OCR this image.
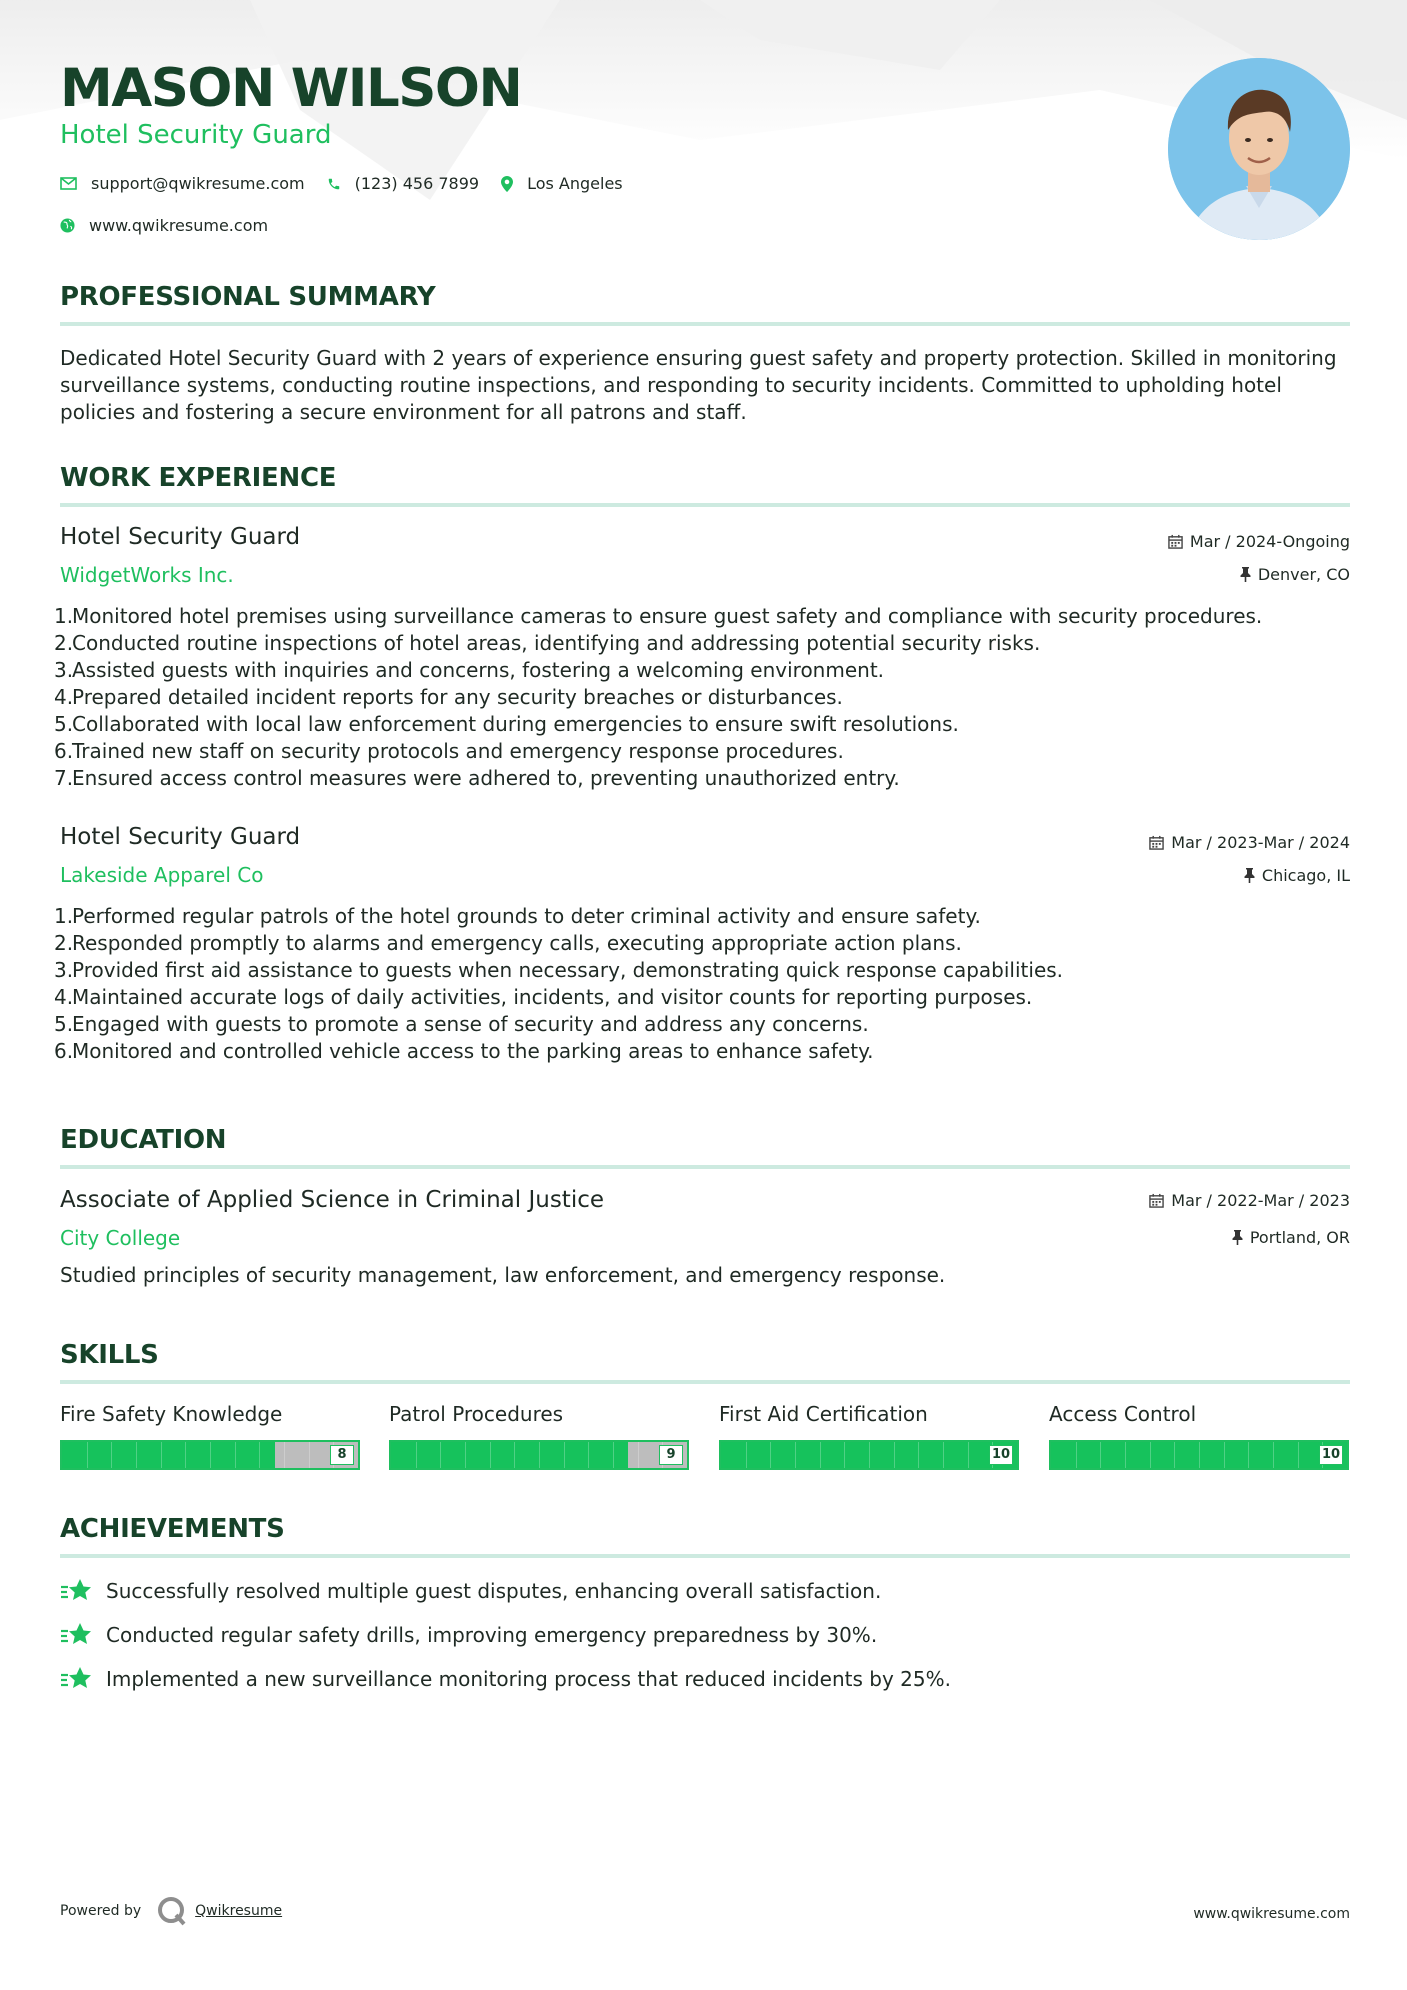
MASON WILSON
Hotel Security Guard
support@qwikresume.com	(123) 456 7899	Los Angeles
www.qwikresume.com
PROFESSIONAL SUMMARY
Dedicated Hotel Security Guard with 2 years of experience ensuring guest safety and property protection. Skilled in monitoring surveillance systems, conducting routine inspections, and responding to security incidents. Committed to upholding hotel policies and fostering a secure environment for all patrons and staff.
WORK EXPERIENCE
Hotel Security Guard	Mar / 2024-Ongoing
WidgetWorks Inc.	Denver, CO
1.
Monitored hotel premises using surveillance cameras to ensure guest safety and compliance with security procedures.
2.
Conducted routine inspections of hotel areas, identifying and addressing potential security risks.
3.
Assisted guests with inquiries and concerns, fostering a welcoming environment.
4.
Prepared detailed incident reports for any security breaches or disturbances.
5.
Collaborated with local law enforcement during emergencies to ensure swift resolutions.
6.
Trained new staff on security protocols and emergency response procedures.
7.
Ensured access control measures were adhered to, preventing unauthorized entry.
Hotel Security Guard	Mar / 2023-Mar / 2024
Lakeside Apparel Co	Chicago, IL
1.
Performed regular patrols of the hotel grounds to deter criminal activity and ensure safety.
2.
Responded promptly to alarms and emergency calls, executing appropriate action plans.
3.
Provided first aid assistance to guests when necessary, demonstrating quick response capabilities.
4.
Maintained accurate logs of daily activities, incidents, and visitor counts for reporting purposes.
5.
Engaged with guests to promote a sense of security and address any concerns.
6.
Monitored and controlled vehicle access to the parking areas to enhance safety.
EDUCATION
Associate of Applied Science in Criminal Justice	Mar / 2022-Mar / 2023
City College	Portland, OR
Studied principles of security management, law enforcement, and emergency response.
SKILLS
Fire Safety Knowledge
8
Patrol Procedures
9
First Aid Certification
10
Access Control
10
ACHIEVEMENTS
Successfully resolved multiple guest disputes, enhancing overall satisfaction.
Conducted regular safety drills, improving emergency preparedness by 30%.
Implemented a new surveillance monitoring process that reduced incidents by 25%.
Powered by	Qwikresume	www.qwikresume.com
